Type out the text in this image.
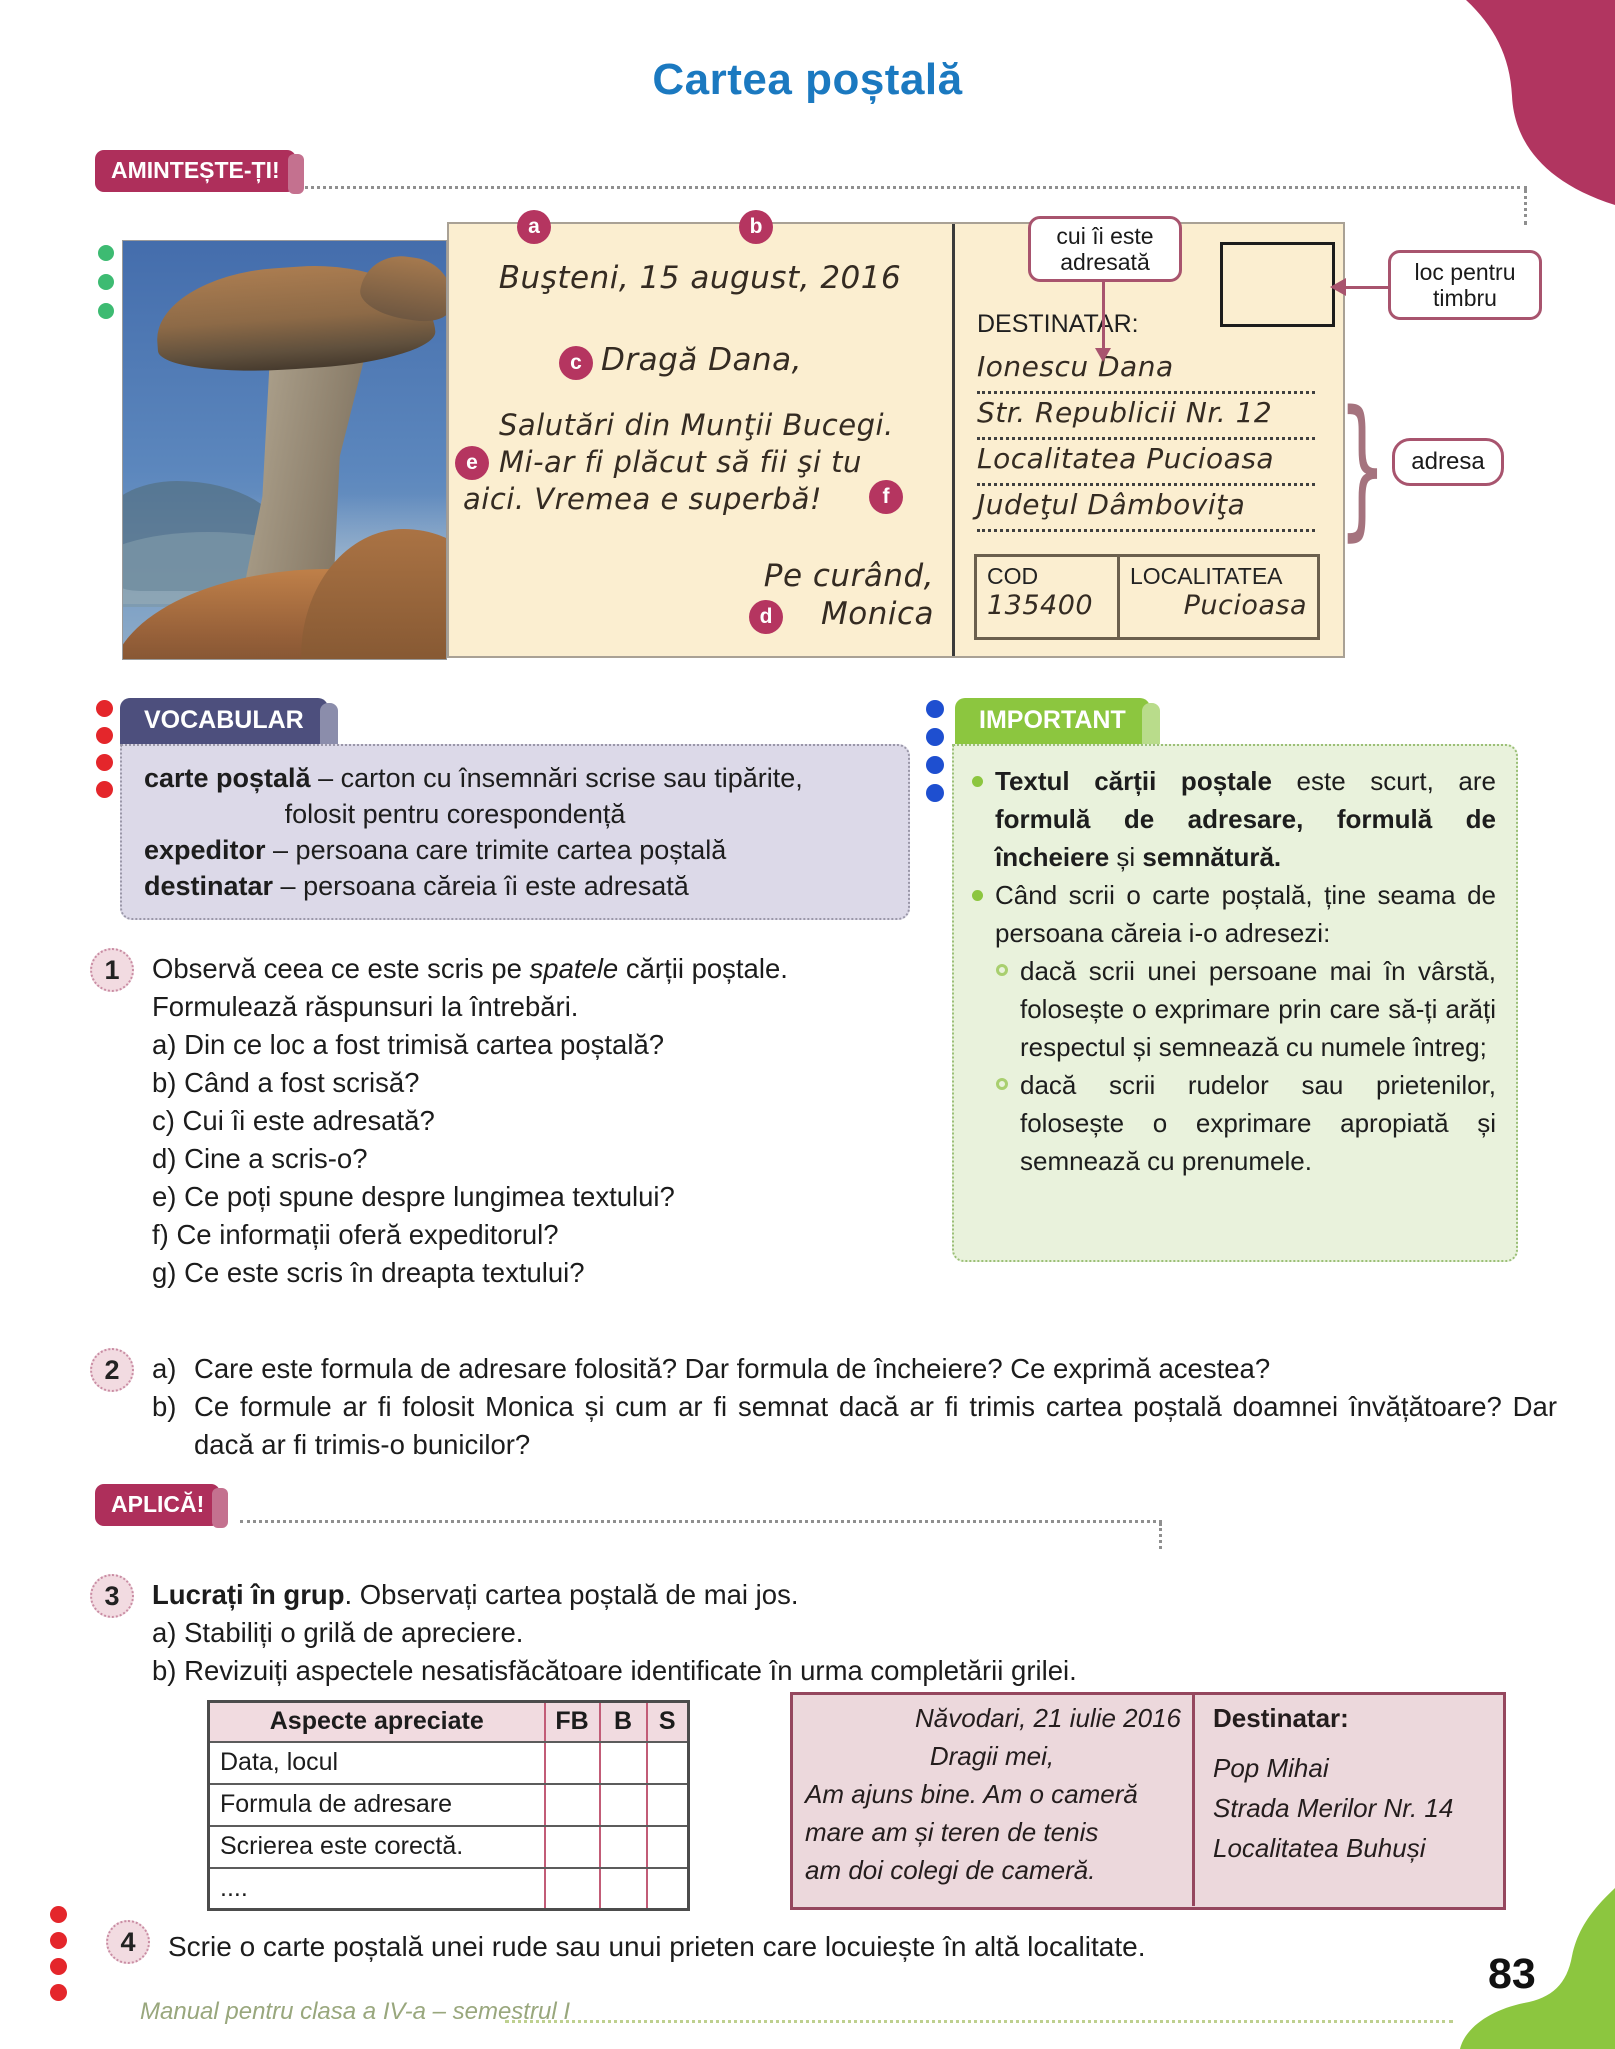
Cartea poștală
AMINTEȘTE-ȚI!
a	b
Buşteni, 15 august, 2016
c Dragă Dana,
Salutări din Munţii Bucegi.
e Mi-ar fi plăcut să fii şi tu
aici. Vremea e superbă!	f
Pe curând,
d	Monica
DESTINATAR:
Ionescu Dana
Str. Republicii Nr. 12
Localitatea Pucioasa
Judeţul Dâmboviţa
COD
135400
LOCALITATEA
Pucioasa
cui îi este adresată	loc pentru timbru
}	adresa
VOCABULAR
carte poștală – carton cu însemnări scrise sau tipărite,
folosit pentru corespondență
expeditor – persoana care trimite cartea poștală
destinatar – persoana căreia îi este adresată
IMPORTANT
Textul cărții poștale este scurt, are formulă de adresare, formulă de încheiere și semnătură.
Când scrii o carte poștală, ține seama de persoana căreia i-o adresezi:
dacă scrii unei persoane mai în vârstă, folosește o exprimare prin care să-ți arăți respectul și semnează cu numele întreg;
dacă scrii rudelor sau prietenilor, folosește o exprimare apropiată și semnează cu prenumele.
1	Observă ceea ce este scris pe spatele cărții poștale.
Formulează răspunsuri la întrebări.
a) Din ce loc a fost trimisă cartea poștală?
b) Când a fost scrisă?
c) Cui îi este adresată?
d) Cine a scris-o?
e) Ce poți spune despre lungimea textului?
f) Ce informații oferă expeditorul?
g) Ce este scris în dreapta textului?
2	a) Care este formula de adresare folosită? Dar formula de încheiere? Ce exprimă acestea?
b) Ce formule ar fi folosit Monica și cum ar fi semnat dacă ar fi trimis cartea poștală doamnei învățătoare? Dar dacă ar fi trimis-o bunicilor?
APLICĂ!
3	Lucrați în grup. Observați cartea poștală de mai jos.
a) Stabiliți o grilă de apreciere.
b) Revizuiți aspectele nesatisfăcătoare identificate în urma completării grilei.
Aspecte apreciate	FB	B	S
Data, locul			
Formula de adresare			
Scrierea este corectă.			
....			
Năvodari, 21 iulie 2016
Dragii mei,
Am ajuns bine. Am o cameră
mare am și teren de tenis
am doi colegi de cameră.
Destinatar:
Pop Mihai
Strada Merilor Nr. 14
Localitatea Buhuși
4	Scrie o carte poștală unei rude sau unui prieten care locuiește în altă localitate.
Manual pentru clasa a IV-a – semestrul I
83
